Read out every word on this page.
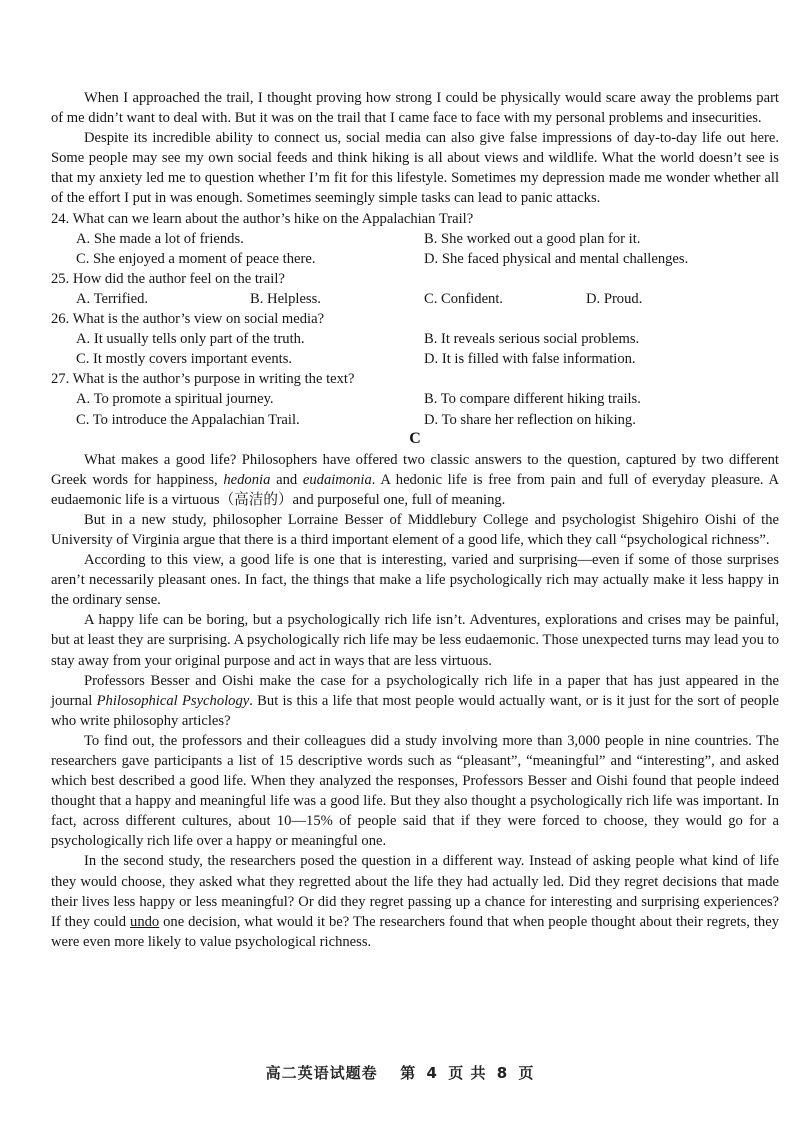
When I approached the trail, I thought proving how strong I could be physically would scare away the problems part of me didn’t want to deal with. But it was on the trail that I came face to face with my personal problems and insecurities.

Despite its incredible ability to connect us, social media can also give false impressions of day-to-day life out here. Some people may see my own social feeds and think hiking is all about views and wildlife. What the world doesn’t see is that my anxiety led me to question whether I’m fit for this lifestyle. Sometimes my depression made me wonder whether all of the effort I put in was enough. Sometimes seemingly simple tasks can lead to panic attacks.

24. What can we learn about the author’s hike on the Appalachian Trail?

A. She made a lot of friends.	B. She worked out a good plan for it.
C. She enjoyed a moment of peace there.	D. She faced physical and mental challenges.

25. How did the author feel on the trail?

A. Terrified.	B. Helpless.	C. Confident.	D. Proud.

26. What is the author’s view on social media?

A. It usually tells only part of the truth.	B. It reveals serious social problems.
C. It mostly covers important events.	D. It is filled with false information.

27. What is the author’s purpose in writing the text?

A. To promote a spiritual journey.	B. To compare different hiking trails.
C. To introduce the Appalachian Trail.	D. To share her reflection on hiking.
C

What makes a good life? Philosophers have offered two classic answers to the question, captured by two different Greek words for happiness, hedonia and eudaimonia. A hedonic life is free from pain and full of everyday pleasure. A eudaemonic life is a virtuous（高洁的）and purposeful one, full of meaning.

But in a new study, philosopher Lorraine Besser of Middlebury College and psychologist Shigehiro Oishi of the University of Virginia argue that there is a third important element of a good life, which they call “psychological richness”.

According to this view, a good life is one that is interesting, varied and surprising—even if some of those surprises aren’t necessarily pleasant ones. In fact, the things that make a life psychologically rich may actually make it less happy in the ordinary sense.

A happy life can be boring, but a psychologically rich life isn’t. Adventures, explorations and crises may be painful, but at least they are surprising. A psychologically rich life may be less eudaemonic. Those unexpected turns may lead you to stay away from your original purpose and act in ways that are less virtuous.

Professors Besser and Oishi make the case for a psychologically rich life in a paper that has just appeared in the journal Philosophical Psychology. But is this a life that most people would actually want, or is it just for the sort of people who write philosophy articles?

To find out, the professors and their colleagues did a study involving more than 3,000 people in nine countries. The researchers gave participants a list of 15 descriptive words such as “pleasant”, “meaningful” and “interesting”, and asked which best described a good life. When they analyzed the responses, Professors Besser and Oishi found that people indeed thought that a happy and meaningful life was a good life. But they also thought a psychologically rich life was important. In fact, across different cultures, about 10—15% of people said that if they were forced to choose, they would go for a psychologically rich life over a happy or meaningful one.

In the second study, the researchers posed the question in a different way. Instead of asking people what kind of life they would choose, they asked what they regretted about the life they had actually led. Did they regret decisions that made their lives less happy or less meaningful? Or did they regret passing up a chance for interesting and surprising experiences? If they could undo one decision, what would it be? The researchers found that when people thought about their regrets, they were even more likely to value psychological richness.

高二英语试题卷 第 4 页 共 8 页
